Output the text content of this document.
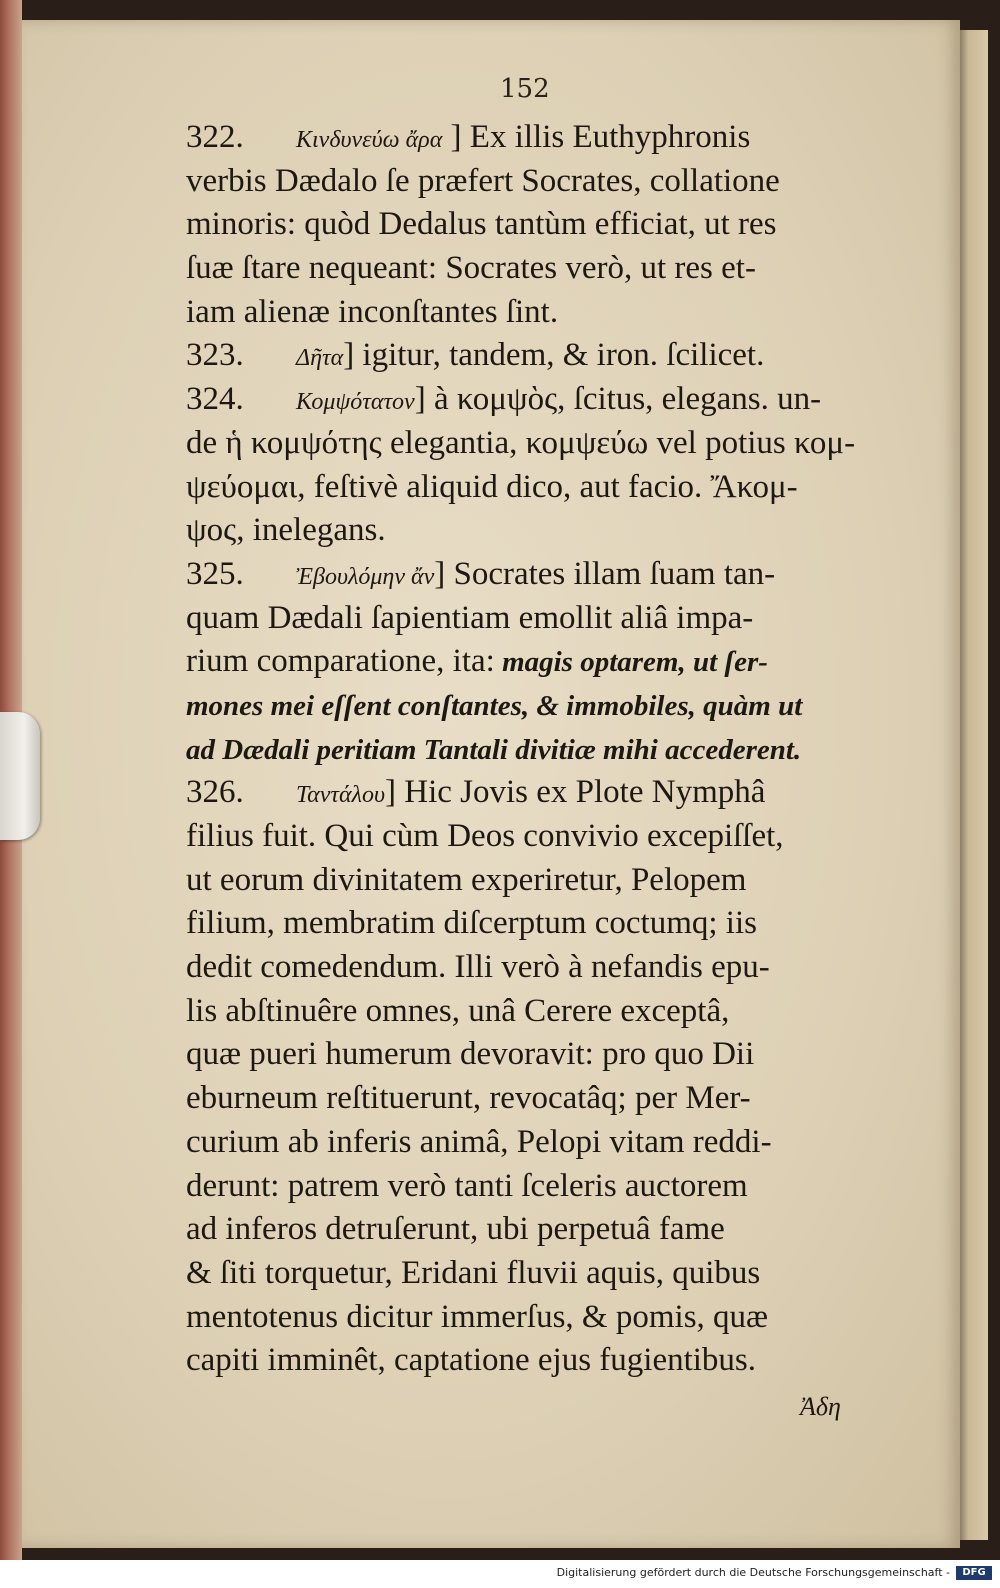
152
322. Κινδυνεύω ἄρα ] Ex illis Euthyphronis
verbis Dædalo ſe præfert Socrates, collatione
minoris: quòd Dedalus tantùm efficiat, ut res
ſuæ ſtare nequeant: Socrates verò, ut res et-
iam alienæ inconſtantes ſint.
323. Δῆτα] igitur, tandem, & iron. ſcilicet.
324. Κομψότατον] à κομψὸς, ſcitus, elegans. un-
de ἡ κομψότης elegantia, κομψεύω vel potius κομ-
ψεύομαι, feſtivè aliquid dico, aut facio. Ἄκομ-
ψος, inelegans.
325. Ἐβουλόμην ἄν] Socrates illam ſuam tan-
quam Dædali ſapientiam emollit aliâ impa-
rium comparatione, ita: magis optarem, ut ſer-
mones mei eſſent conſtantes, & immobiles, quàm ut
ad Dædali peritiam Tantali divitiæ mihi accederent.
326. Ταντάλου] Hic Jovis ex Plote Nymphâ
filius fuit. Qui cùm Deos convivio excepiſſet,
ut eorum divinitatem experiretur, Pelopem
filium, membratim diſcerptum coctumq; iis
dedit comedendum. Illi verò à nefandis epu-
lis abſtinuêre omnes, unâ Cerere exceptâ,
quæ pueri humerum devoravit: pro quo Dii
eburneum reſtituerunt, revocatâq; per Mer-
curium ab inferis animâ, Pelopi vitam reddi-
derunt: patrem verò tanti ſceleris auctorem
ad inferos detruſerunt, ubi perpetuâ fame
& ſiti torquetur, Eridani fluvii aquis, quibus
mentotenus dicitur immerſus, & pomis, quæ
capiti imminêt, captatione ejus fugientibus.
Ἀδη
Digitalisierung gefördert durch die Deutsche Forschungsgemeinschaft -	DFG
